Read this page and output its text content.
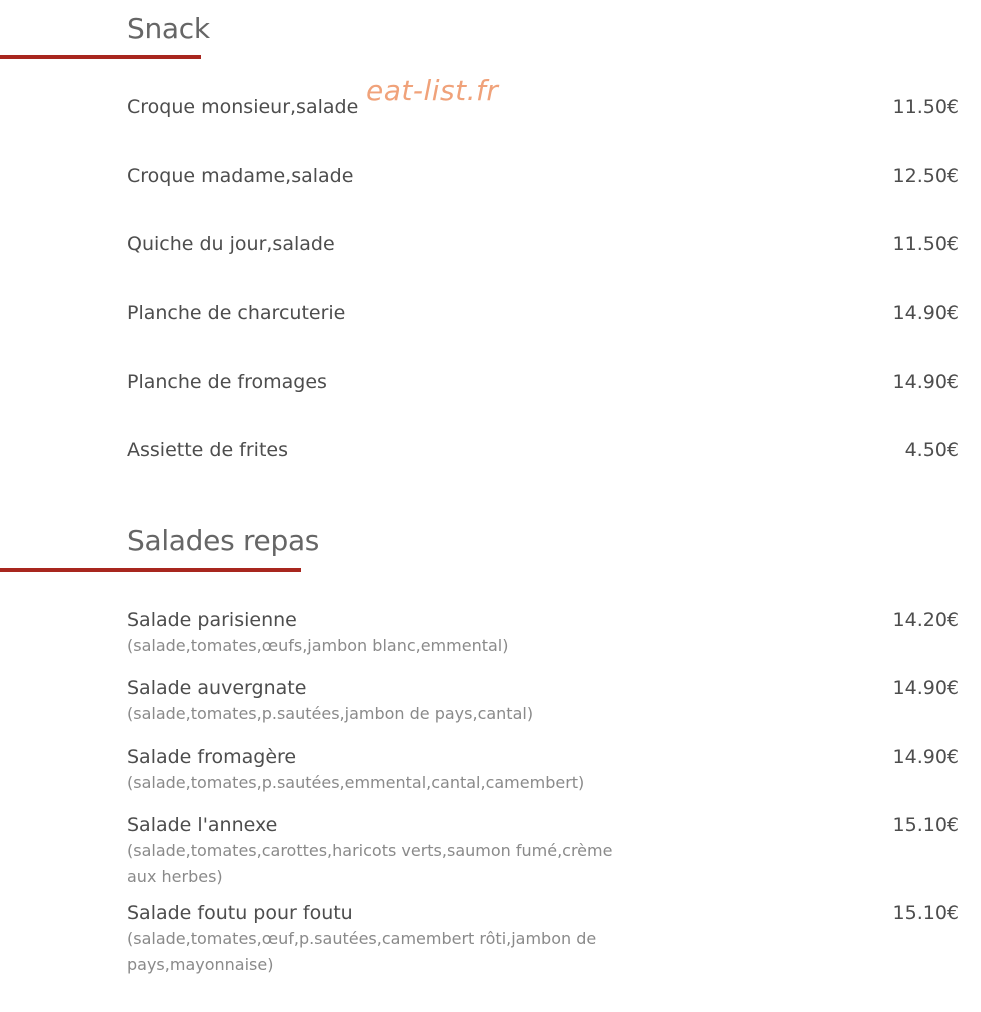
Snack
eat-list.fr
Croque monsieur,salade	11.50€
Croque madame,salade	12.50€
Quiche du jour,salade	11.50€
Planche de charcuterie	14.90€
Planche de fromages	14.90€
Assiette de frites	4.50€
Salades repas
Salade parisienne
(salade,tomates,œufs,jambon blanc,emmental)
14.20€
Salade auvergnate
(salade,tomates,p.sautées,jambon de pays,cantal)
14.90€
Salade fromagère
(salade,tomates,p.sautées,emmental,cantal,camembert)
14.90€
Salade l'annexe
(salade,tomates,carottes,haricots verts,saumon fumé,crème aux herbes)
15.10€
Salade foutu pour foutu
(salade,tomates,œuf,p.sautées,camembert rôti,jambon de pays,mayonnaise)
15.10€
